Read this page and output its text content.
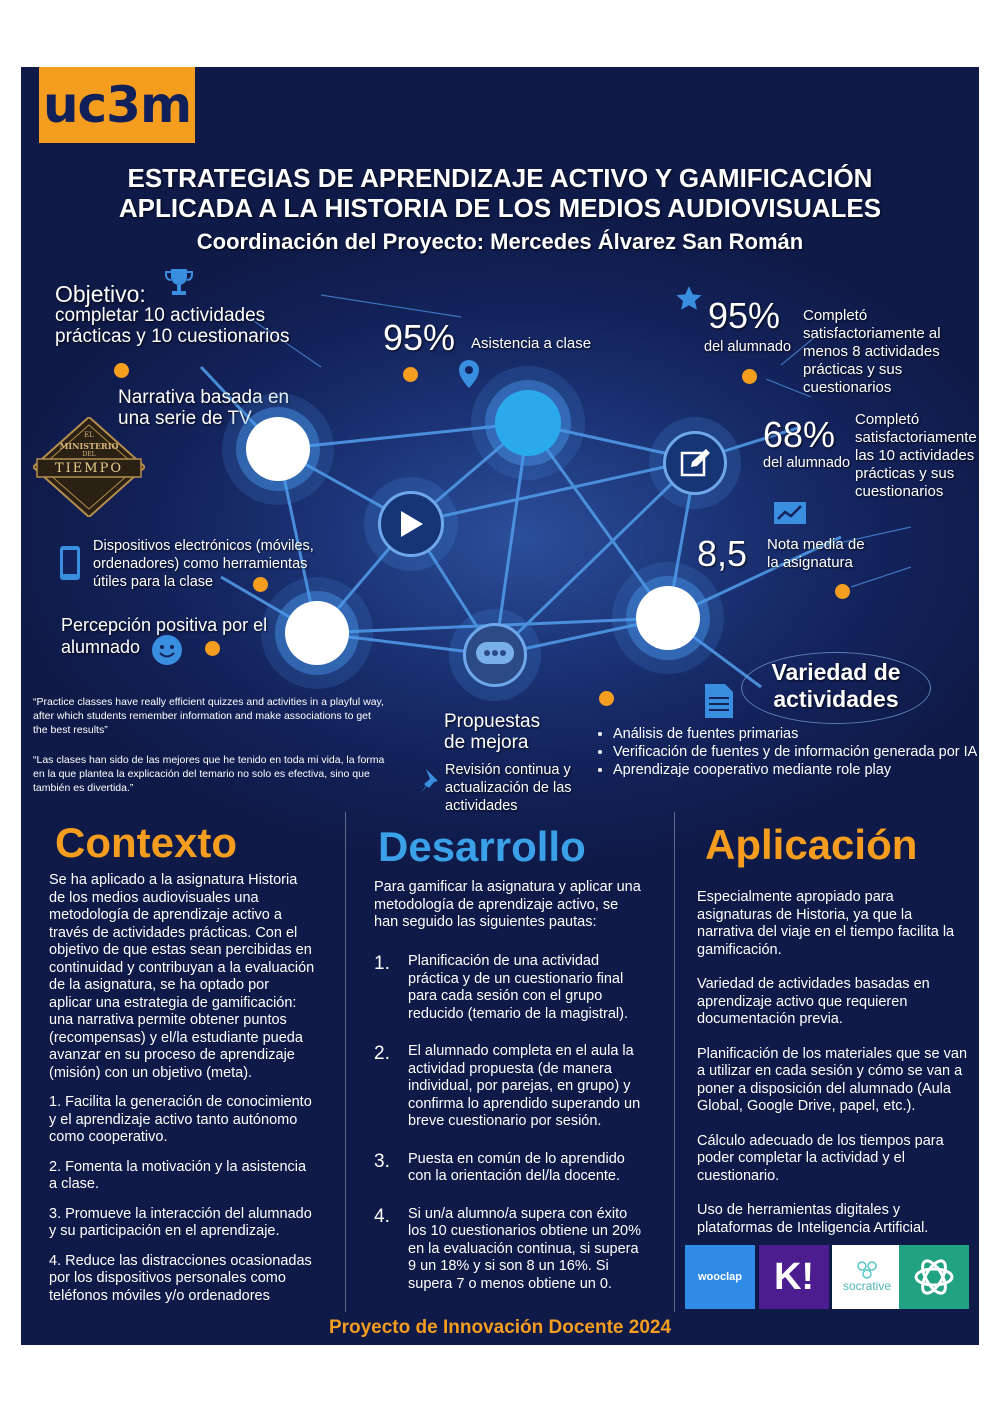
uc3m
ESTRATEGIAS DE APRENDIZAJE ACTIVO Y GAMIFICACIÓN
APLICADA A LA HISTORIA DE LOS MEDIOS AUDIOVISUALES
Coordinación del Proyecto: Mercedes Álvarez San Román
Objetivo:
completar 10 actividades
prácticas y 10 cuestionarios	95% Asistencia a clase
95%
del alumnado
Completó
satisfactoriamente al
menos 8 actividades
prácticas y sus
cuestionarios
68%
del alumnado
Completó
satisfactoriamente
las 10 actividades
prácticas y sus
cuestionarios
8,5 Nota media de
la asignatura
Narrativa basada en
una serie de TV
EL
MINISTERIO
DEL
TIEMPO
Dispositivos electrónicos (móviles,
ordenadores) como herramientas
útiles para la clase
Percepción positiva por el
alumnado
“Practice classes have really efficient quizzes and activities in a playful way,
after which students remember information and make associations to get
the best results”
“Las clases han sido de las mejores que he tenido en toda mi vida, la forma
en la que plantea la explicación del temario no solo es efectiva, sino que
también es divertida.”
Propuestas
de mejora
Revisión continua y
actualización de las
actividades
Variedad de
actividades
• Análisis de fuentes primarias
• Verificación de fuentes y de información generada por IA
• Aprendizaje cooperativo mediante role play
Contexto

Se ha aplicado a la asignatura Historia de los medios audiovisuales una metodología de aprendizaje activo a través de actividades prácticas. Con el objetivo de que estas sean percibidas en continuidad y contribuyan a la evaluación de la asignatura, se ha optado por aplicar una estrategia de gamificación: una narrativa permite obtener puntos (recompensas) y el/la estudiante pueda avanzar en su proceso de aprendizaje (misión) con un objetivo (meta).

1. Facilita la generación de conocimiento y el aprendizaje activo tanto autónomo como cooperativo.

2. Fomenta la motivación y la asistencia a clase.

3. Promueve la interacción del alumnado y su participación en el aprendizaje.

4. Reduce las distracciones ocasionadas por los dispositivos personales como teléfonos móviles y/o ordenadores

Desarrollo
Para gamificar la asignatura y aplicar una metodología de aprendizaje activo, se han seguido las siguientes pautas:
1.	Planificación de una actividad práctica y de un cuestionario final para cada sesión con el grupo reducido (temario de la magistral).
2.	El alumnado completa en el aula la actividad propuesta (de manera individual, por parejas, en grupo) y confirma lo aprendido superando un breve cuestionario por sesión.
3.	Puesta en común de lo aprendido con la orientación del/la docente.
4.	Si un/a alumno/a supera con éxito los 10 cuestionarios obtiene un 20% en la evaluación continua, si supera 9 un 18% y si son 8 un 16%. Si supera 7 o menos obtiene un 0.
Aplicación

Especialmente apropiado para asignaturas de Historia, ya que la narrativa del viaje en el tiempo facilita la gamificación.

Variedad de actividades basadas en aprendizaje activo que requieren documentación previa.

Planificación de los materiales que se van a utilizar en cada sesión y cómo se van a poner a disposición del alumnado (Aula Global, Google Drive, papel, etc.).

Cálculo adecuado de los tiempos para poder completar la actividad y el cuestionario.

Uso de herramientas digitales y plataformas de Inteligencia Artificial.

wooclap K! socrative
Proyecto de Innovación Docente 2024
